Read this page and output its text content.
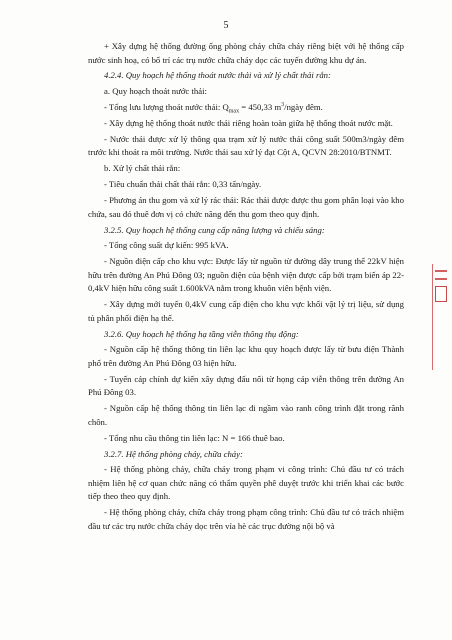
5

+ Xây dựng hệ thống đường ống phòng cháy chữa cháy riêng biệt với hệ thống cấp nước sinh hoạ, có bố trí các trụ nước chữa cháy dọc các tuyến đường khu dự án.

4.2.4. Quy hoạch hệ thống thoát nước thải và xử lý chất thải rắn:

a. Quy hoạch thoát nước thải:

- Tổng lưu lượng thoát nước thải: $Q_{max} = 450,33$ $m^3$/ngày đêm.

- Xây dựng hệ thống thoát nước thải riêng hoàn toàn giữa hệ thống thoát nước mặt.

- Nước thải được xử lý thông qua trạm xử lý nước thải công suất 500m3/ngày đêm trước khi thoát ra môi trường. Nước thải sau xử lý đạt Cột A, QCVN 28:2010/BTNMT.

b. Xử lý chất thải rắn:

- Tiêu chuẩn thải chất thải rắn: 0,33 tấn/ngày.

- Phương án thu gom và xử lý rác thải: Rác thải được được thu gom phân loại vào kho chứa, sau đó thuê đơn vị có chức năng đến thu gom theo quy định.

3.2.5. Quy hoạch hệ thống cung cấp năng lượng và chiếu sáng:

- Tổng công suất dự kiến: 995 kVA.

- Nguồn điện cấp cho khu vực: Được lấy từ nguồn từ đường dây trung thế 22kV hiện hữu trên đường An Phú Đông 03; nguồn điện của bệnh viện được cấp bởi trạm biến áp 22-0,4kV hiện hữu công suất 1.600kVA nằm trong khuôn viên bệnh viện.

- Xây dựng mới tuyến 0,4kV cung cấp điện cho khu vực khối vật lý trị liệu, sử dụng tủ phân phối điện hạ thế.

3.2.6. Quy hoạch hệ thống hạ tầng viễn thông thụ động:

- Nguồn cấp hệ thống thông tin liên lạc khu quy hoạch được lấy từ bưu điện Thành phố trên đường An Phú Đông 03 hiện hữu.

- Tuyến cáp chính dự kiến xây dựng đấu nối từ họng cáp viễn thông trên đường An Phú Đông 03.

- Nguồn cấp hệ thống thông tin liên lạc đi ngầm vào ranh công trình đặt trong rãnh chôn.

- Tổng nhu cầu thông tin liên lạc: N = 166 thuê bao.

3.2.7. Hệ thống phòng cháy, chữa cháy:

- Hệ thống phòng cháy, chữa cháy trong phạm vi công trình: Chủ đầu tư có trách nhiệm liên hệ cơ quan chức năng có thẩm quyền phê duyệt trước khi triển khai các bước tiếp theo theo quy định.

- Hệ thống phòng cháy, chữa cháy trong phạm công trình: Chủ đầu tư có trách nhiệm đầu tư các trụ nước chữa cháy dọc trên vỉa hè các trục đường nội bộ và
